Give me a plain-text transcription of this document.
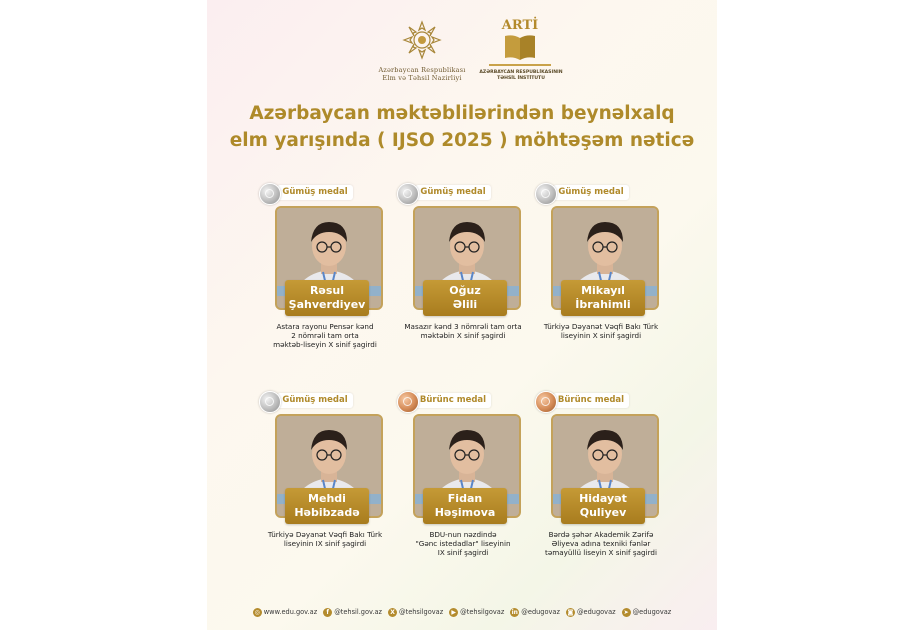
Azərbaycan Respublikası
Elm və Təhsil Nazirliyi
ARTİ
AZƏRBAYCAN RESPUBLİKASININ
TƏHSİL İNSTİTUTU
Azərbaycan məktəblilərindən beynəlxalq
elm yarışında ( IJSO 2025 ) möhtəşəm nəticə
Gümüş medal
Rəsul
Şahverdiyev
Astara rayonu Pensər kənd
2 nömrəli tam orta
məktəb-liseyin X sinif şagirdi
Gümüş medal
Oğuz
Əlili
Masazır kənd 3 nömrəli tam orta
məktəbin X sinif şagirdi
Gümüş medal
Mikayıl
İbrahimli
Türkiyə Dəyanət Vəqfi Bakı Türk
liseyinin X sinif şagirdi
Gümüş medal
Mehdi
Həbibzadə
Türkiyə Dəyanət Vəqfi Bakı Türk
liseyinin IX sinif şagirdi
Bürünc medal
Fidan
Həşimova
BDU-nun nəzdində
"Gənc istedadlar" liseyinin
IX sinif şagirdi
Bürünc medal
Hidayət
Quliyev
Bərdə şəhər Akademik Zərifə
Əliyeva adına texniki fənlər
təmayüllü liseyin X sinif şagirdi
◎ www.edu.gov.az	f @tehsil.gov.az	X @tehsilgovaz	▶ @tehsilgovaz in @edugovaz ◙ @edugovaz	➤ @edugovaz
